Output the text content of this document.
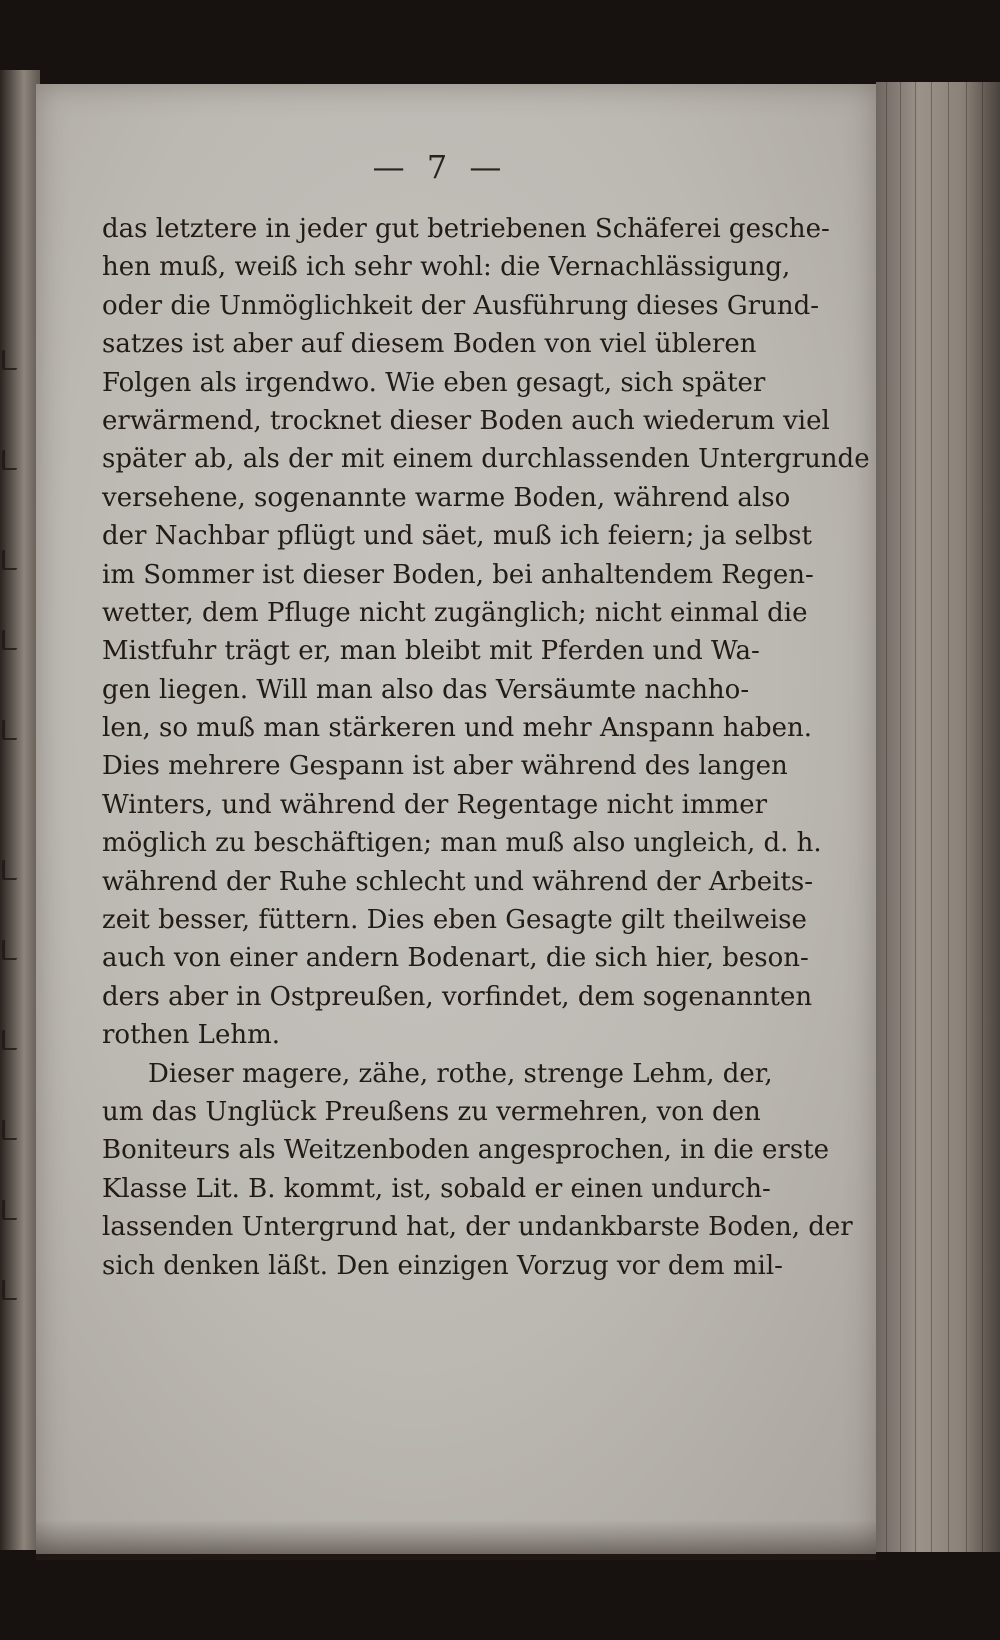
— 7 —
das letztere in jeder gut betriebenen Schäferei gesche-
hen muß, weiß ich sehr wohl: die Vernachlässigung,
oder die Unmöglichkeit der Ausführung dieses Grund-
satzes ist aber auf diesem Boden von viel übleren
Folgen als irgendwo. Wie eben gesagt, sich später
erwärmend, trocknet dieser Boden auch wiederum viel
später ab, als der mit einem durchlassenden Untergrunde
versehene, sogenannte warme Boden, während also
der Nachbar pflügt und säet, muß ich feiern; ja selbst
im Sommer ist dieser Boden, bei anhaltendem Regen-
wetter, dem Pfluge nicht zugänglich; nicht einmal die
Mistfuhr trägt er, man bleibt mit Pferden und Wa-
gen liegen. Will man also das Versäumte nachho-
len, so muß man stärkeren und mehr Anspann haben.
Dies mehrere Gespann ist aber während des langen
Winters, und während der Regentage nicht immer
möglich zu beschäftigen; man muß also ungleich, d. h.
während der Ruhe schlecht und während der Arbeits-
zeit besser, füttern. Dies eben Gesagte gilt theilweise
auch von einer andern Bodenart, die sich hier, beson-
ders aber in Ostpreußen, vorfindet, dem sogenannten
rothen Lehm.
Dieser magere, zähe, rothe, strenge Lehm, der,
um das Unglück Preußens zu vermehren, von den
Boniteurs als Weitzenboden angesprochen, in die erste
Klasse Lit. B. kommt, ist, sobald er einen undurch-
lassenden Untergrund hat, der undankbarste Boden, der
sich denken läßt. Den einzigen Vorzug vor dem mil-
